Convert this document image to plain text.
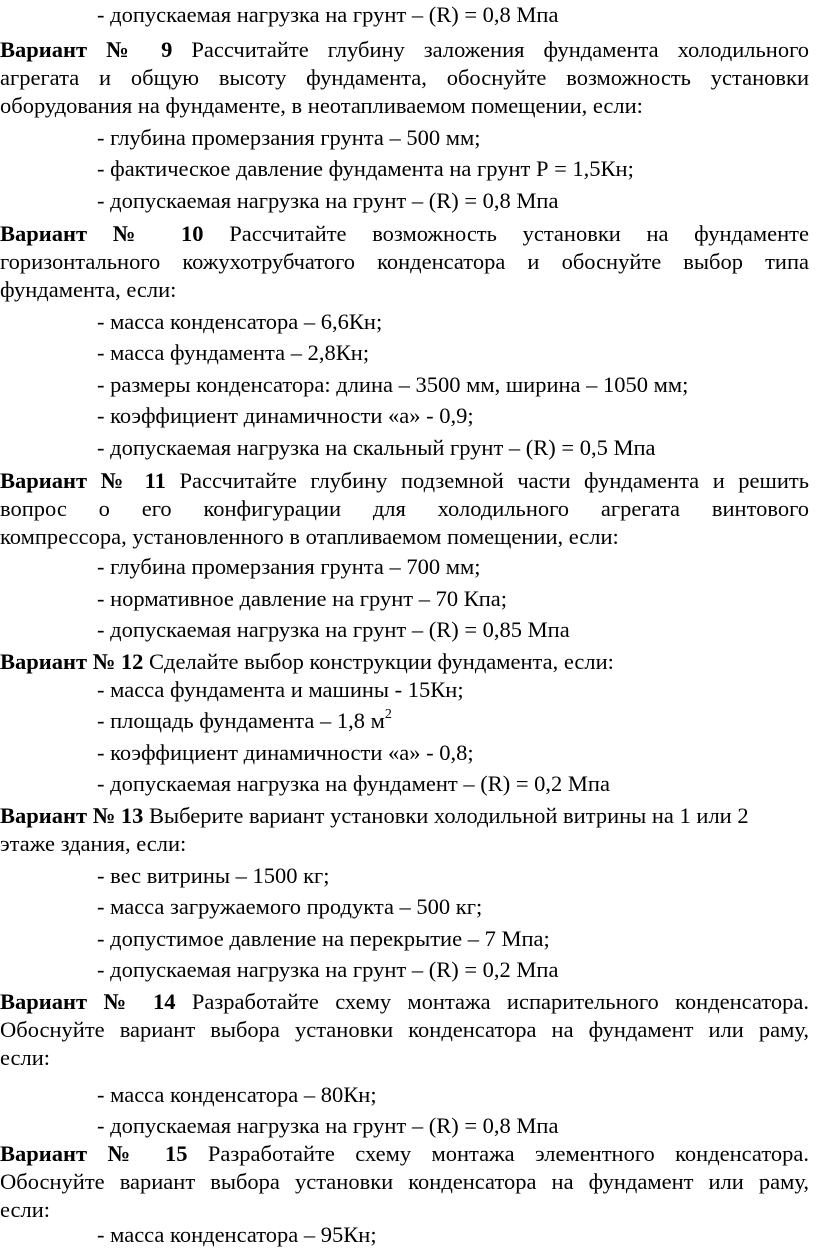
- допускаемая нагрузка на грунт – (R) = 0,8 Мпа
Вариант № 9 Рассчитайте глубину заложения фундамента холодильного
агрегата и общую высоту фундамента, обоснуйте возможность установки
оборудования на фундаменте, в неотапливаемом помещении, если:
- глубина промерзания грунта – 500 мм;
- фактическое давление фундамента на грунт Р = 1,5Кн;
- допускаемая нагрузка на грунт – (R) = 0,8 Мпа
Вариант № 10 Рассчитайте возможность установки на фундаменте
горизонтального кожухотрубчатого конденсатора и обоснуйте выбор типа
фундамента, если:
- масса конденсатора – 6,6Кн;
- масса фундамента – 2,8Кн;
- размеры конденсатора: длина – 3500 мм, ширина – 1050 мм;
- коэффициент динамичности «а» - 0,9;
- допускаемая нагрузка на скальный грунт – (R) = 0,5 Мпа
Вариант № 11 Рассчитайте глубину подземной части фундамента и решить
вопрос о его конфигурации для холодильного агрегата винтового
компрессора, установленного в отапливаемом помещении, если:
- глубина промерзания грунта – 700 мм;
- нормативное давление на грунт – 70 Кпа;
- допускаемая нагрузка на грунт – (R) = 0,85 Мпа
Вариант № 12 Сделайте выбор конструкции фундамента, если:
- масса фундамента и машины - 15Кн;
- площадь фундамента – 1,8 $м^2$
- коэффициент динамичности «а» - 0,8;
- допускаемая нагрузка на фундамент – (R) = 0,2 Мпа
Вариант № 13 Выберите вариант установки холодильной витрины на 1 или 2
этаже здания, если:
- вес витрины – 1500 кг;
- масса загружаемого продукта – 500 кг;
- допустимое давление на перекрытие – 7 Мпа;
- допускаемая нагрузка на грунт – (R) = 0,2 Мпа
Вариант № 14 Разработайте схему монтажа испарительного конденсатора.
Обоснуйте вариант выбора установки конденсатора на фундамент или раму,
если:
- масса конденсатора – 80Кн;
- допускаемая нагрузка на грунт – (R) = 0,8 Мпа
Вариант № 15 Разработайте схему монтажа элементного конденсатора.
Обоснуйте вариант выбора установки конденсатора на фундамент или раму,
если:
- масса конденсатора – 95Кн;
